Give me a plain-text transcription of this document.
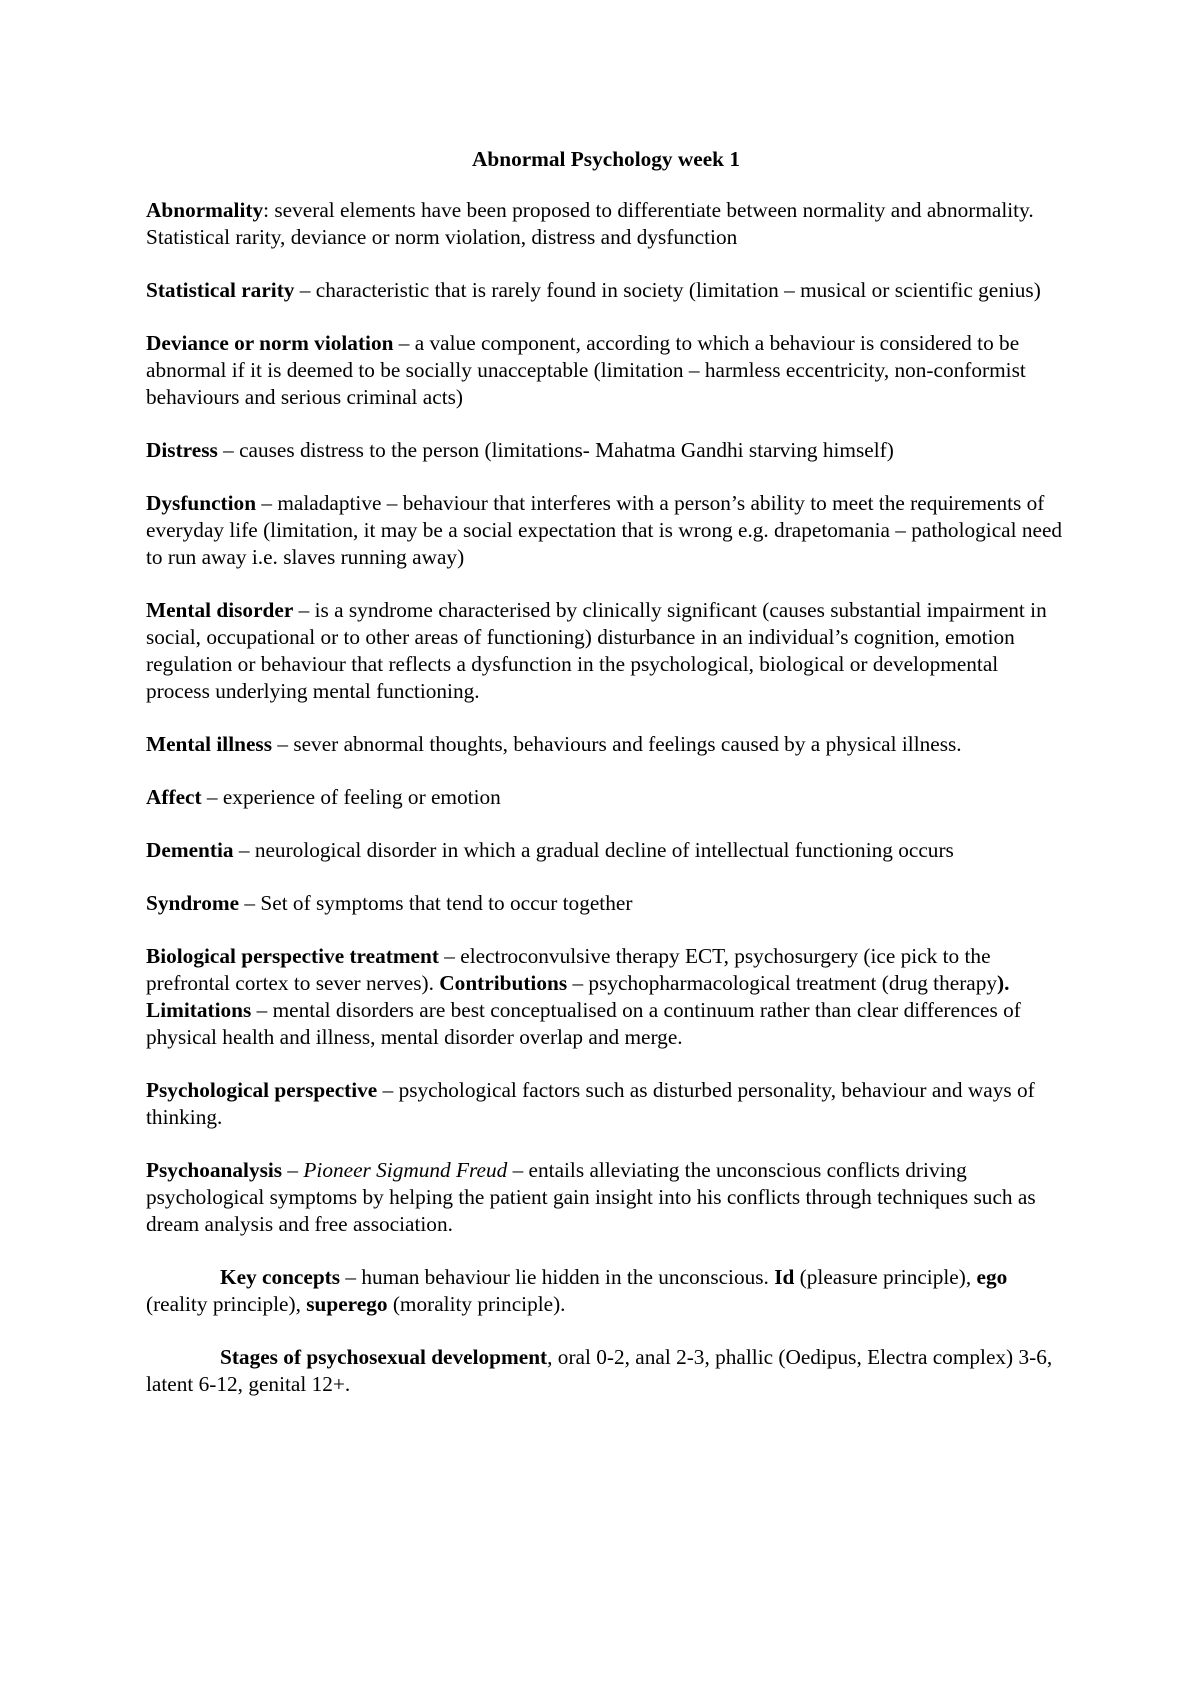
Abnormal Psychology week 1

Abnormality: several elements have been proposed to differentiate between normality and abnormality. Statistical rarity, deviance or norm violation, distress and dysfunction

Statistical rarity – characteristic that is rarely found in society (limitation – musical or scientific genius)

Deviance or norm violation – a value component, according to which a behaviour is considered to be abnormal if it is deemed to be socially unacceptable (limitation – harmless eccentricity, non-conformist behaviours and serious criminal acts)

Distress – causes distress to the person (limitations- Mahatma Gandhi starving himself)

Dysfunction – maladaptive – behaviour that interferes with a person’s ability to meet the requirements of everyday life (limitation, it may be a social expectation that is wrong e.g. drapetomania – pathological need to run away i.e. slaves running away)

Mental disorder – is a syndrome characterised by clinically significant (causes substantial impairment in social, occupational or to other areas of functioning) disturbance in an individual’s cognition, emotion regulation or behaviour that reflects a dysfunction in the psychological, biological or developmental process underlying mental functioning.

Mental illness – sever abnormal thoughts, behaviours and feelings caused by a physical illness.

Affect – experience of feeling or emotion

Dementia – neurological disorder in which a gradual decline of intellectual functioning occurs

Syndrome – Set of symptoms that tend to occur together

Biological perspective treatment – electroconvulsive therapy ECT, psychosurgery (ice pick to the prefrontal cortex to sever nerves). Contributions – psychopharmacological treatment (drug therapy). Limitations – mental disorders are best conceptualised on a continuum rather than clear differences of physical health and illness, mental disorder overlap and merge.

Psychological perspective – psychological factors such as disturbed personality, behaviour and ways of thinking.

Psychoanalysis – Pioneer Sigmund Freud – entails alleviating the unconscious conflicts driving psychological symptoms by helping the patient gain insight into his conflicts through techniques such as dream analysis and free association.

Key concepts – human behaviour lie hidden in the unconscious. Id (pleasure principle), ego (reality principle), superego (morality principle).

Stages of psychosexual development, oral 0-2, anal 2-3, phallic (Oedipus, Electra complex) 3-6, latent 6-12, genital 12+.
